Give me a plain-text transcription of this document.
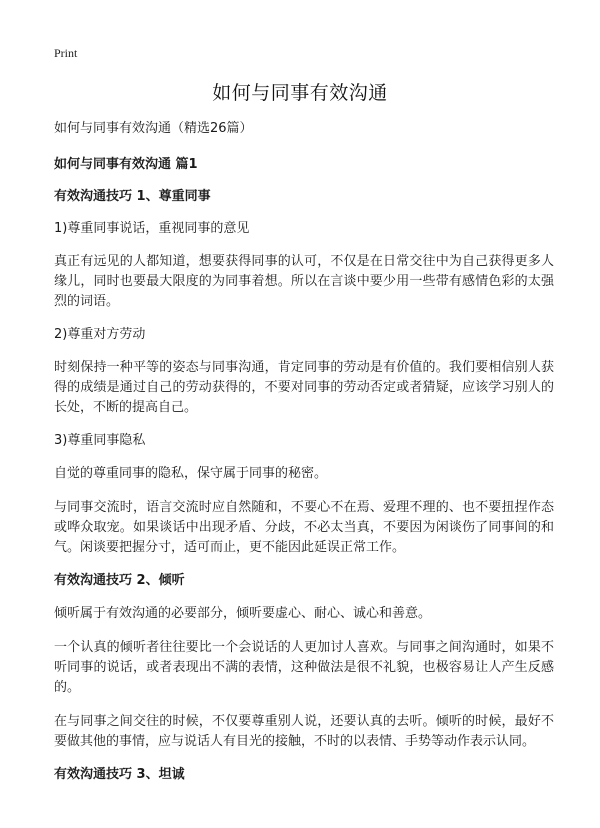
Print
如何与同事有效沟通

如何与同事有效沟通（精选26篇）

如何与同事有效沟通 篇1

有效沟通技巧 1、尊重同事

1)尊重同事说话，重视同事的意见

真正有远见的人都知道，想要获得同事的认可，不仅是在日常交往中为自己获得更多人缘儿，同时也要最大限度的为同事着想。所以在言谈中要少用一些带有感情色彩的太强烈的词语。

2)尊重对方劳动

时刻保持一种平等的姿态与同事沟通，肯定同事的劳动是有价值的。我们要相信别人获得的成绩是通过自己的劳动获得的，不要对同事的劳动否定或者猜疑，应该学习别人的长处，不断的提高自己。

3)尊重同事隐私

自觉的尊重同事的隐私，保守属于同事的秘密。

与同事交流时，语言交流时应自然随和，不要心不在焉、爱理不理的、也不要扭捏作态或哗众取宠。如果谈话中出现矛盾、分歧，不必太当真，不要因为闲谈伤了同事间的和气。闲谈要把握分寸，适可而止，更不能因此延误正常工作。

有效沟通技巧 2、倾听

倾听属于有效沟通的必要部分，倾听要虚心、耐心、诚心和善意。

一个认真的倾听者往往要比一个会说话的人更加讨人喜欢。与同事之间沟通时，如果不听同事的说话，或者表现出不满的表情，这种做法是很不礼貌，也极容易让人产生反感的。

在与同事之间交往的时候，不仅要尊重别人说，还要认真的去听。倾听的时候，最好不要做其他的事情，应与说话人有目光的接触，不时的以表情、手势等动作表示认同。

有效沟通技巧 3、坦诚
